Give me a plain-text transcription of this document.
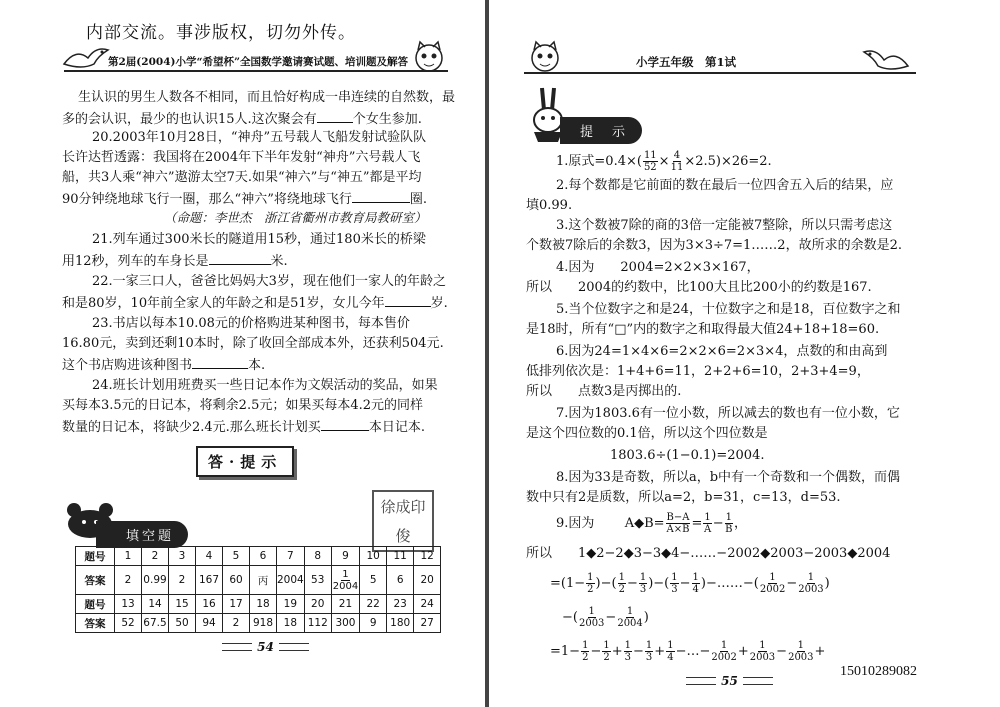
内部交流。事涉版权，切勿外传。
第2届(2004)小学“希望杯”全国数学邀请赛试题、培训题及解答
生认识的男生人数各不相同，而且恰好构成一串连续的自然数，最
多的会认识，最少的也认识15人.这次聚会有	个女生参加.
20.2003年10月28日，“神舟”五号载人飞船发射试验队队
长许达哲透露：我国将在2004年下半年发射“神舟”六号载人飞
船，共3人乘“神六”遨游太空7天.如果“神六”与“神五”都是平均
90分钟绕地球飞行一圈，那么“神六”将绕地球飞行	圈.
（命题：李世杰　浙江省衢州市教育局教研室）
21.列车通过300米长的隧道用15秒，通过180米长的桥梁
用12秒，列车的车身长是	米.
22.一家三口人，爸爸比妈妈大3岁，现在他们一家人的年龄之
和是80岁，10年前全家人的年龄之和是51岁，女儿今年	岁.
23.书店以每本10.08元的价格购进某种图书，每本售价
16.80元，卖到还剩10本时，除了收回全部成本外，还获利504元.
这个书店购进该种图书	本.
24.班长计划用班费买一些日记本作为文娱活动的奖品，如果
买每本3.5元的日记本，将剩余2.5元；如果买每本4.2元的同样
数量的日记本，将缺少2.4元.那么班长计划买	本日记本.
答·提示
填空题
徐 成 印
俊
题号	1	2	3	4	5	6	7	8	9	10	11	12
答案	2	0.99	2	167	60	丙	2004	53	$\frac{1}{2004}$	5	6	20
题号	13	14	15	16	17	18	19	20	21	22	23	24
答案	52	67.5	50	94	2	918	18	112	300	9	180	27
54
小学五年级　第1试
提　示
1.原式$=0.4\times( \frac{11}{52} \times \frac{4}{11} \times 2.5)\times 26=2$.
2.每个数都是它前面的数在最后一位四舍五入后的结果，应
填0.99.
3.这个数被7除的商的3倍一定能被7整除，所以只需考虑这
个数被7除后的余数3，因为3×3÷7=1……2，故所求的余数是2.
4.因为　　2004=2×2×3×167，
所以　　2004的约数中，比100大且比200小的约数是167.
5.当个位数字之和是24，十位数字之和是18，百位数字之和
是18时，所有“□”内的数字之和取得最大值24+18+18=60.
6.因为24=1×4×6=2×2×6=2×3×4，点数的和由高到
低排列依次是：1+4+6=11，2+2+6=10，2+3+4=9，
所以　　点数3是丙掷出的.
7.因为1803.6有一位小数，所以减去的数也有一位小数，它
是这个四位数的0.1倍，所以这个四位数是
1803.6÷(1−0.1)=2004.
8.因为33是奇数，所以a，b中有一个奇数和一个偶数，而偶
数中只有2是质数，所以a=2，b=31，c=13，d=53.
9.因为 A◆B= $\frac{B-A}{A\times B} = \frac{1}{A} - \frac{1}{B}$ ，
所以 1◆2−2◆3−3◆4−……−2002◆2003−2003◆2004
$=(1- \frac{1}{2}$ )−( $\frac{1}{2} - \frac{1}{3}$ )−( $\frac{1}{3} - \frac{1}{4}$ )−……−( $\frac{1}{2002} - \frac{1}{2003}$ )
−( $\frac{1}{2003} - \frac{1}{2004}$ )
$=1- \frac{1}{2} - \frac{1}{2} + \frac{1}{3} - \frac{1}{3} + \frac{1}{4}$ −…− $\frac{1}{2002} + \frac{1}{2003} - \frac{1}{2003}$ +
55
15010289082
